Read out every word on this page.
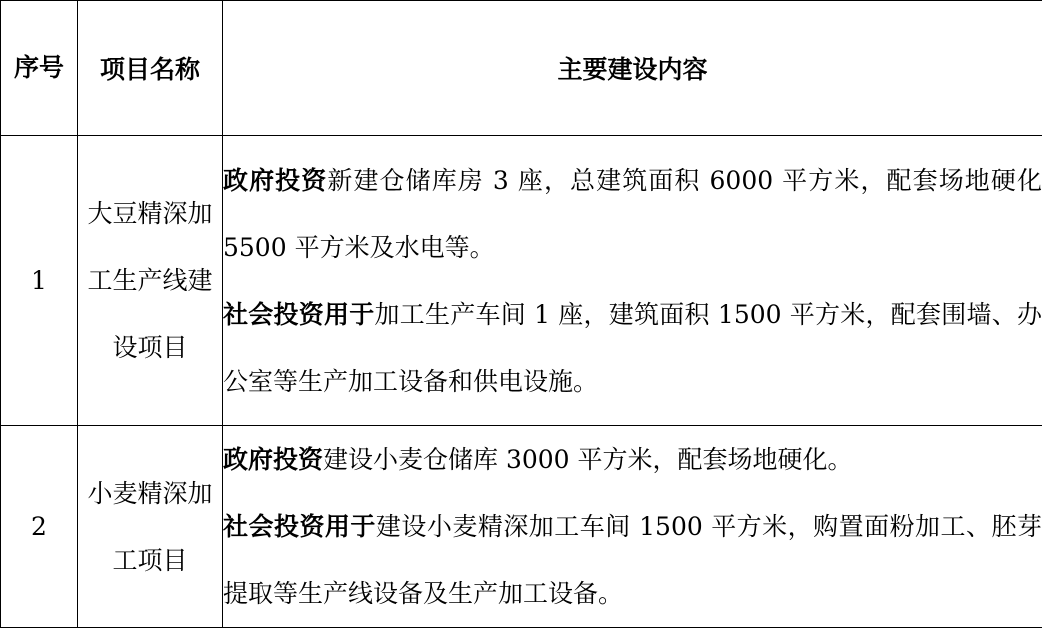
序号	项目名称	主要建设内容
1	大豆精深加工生产线建设项目	政府投资新建仓储库房 3 座，总建筑面积 6000 平方米，配套场地硬化 5500 平方米及水电等。

社会投资用于加工生产车间 1 座，建筑面积 1500 平方米，配套围墙、办公室等生产加工设备和供电设施。

2	小麦精深加工项目	政府投资建设小麦仓储库 3000 平方米，配套场地硬化。

社会投资用于建设小麦精深加工车间 1500 平方米，购置面粉加工、胚芽提取等生产线设备及生产加工设备。
